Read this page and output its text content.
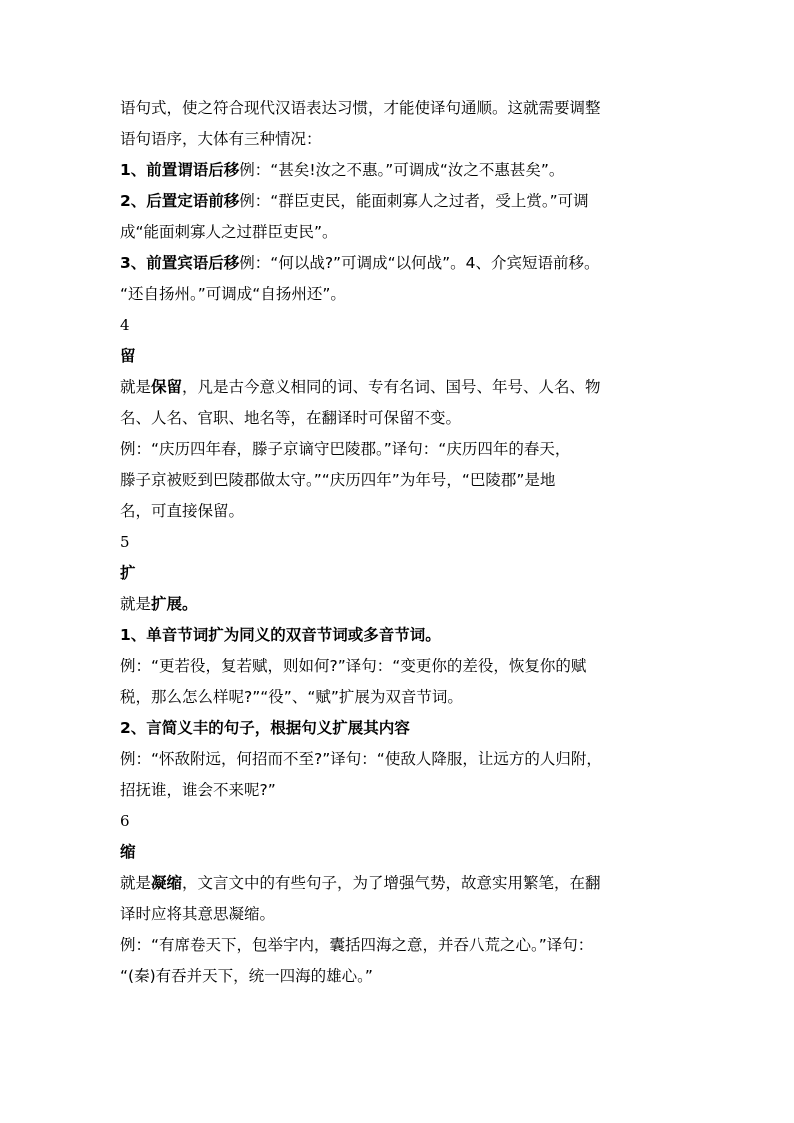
语句式，使之符合现代汉语表达习惯，才能使译句通顺。这就需要调整
语句语序，大体有三种情况：
1、前置谓语后移例：“甚矣!汝之不惠。”可调成“汝之不惠甚矣”。
2、后置定语前移例：“群臣吏民，能面刺寡人之过者，受上赏。”可调
成“能面刺寡人之过群臣吏民”。
3、前置宾语后移例：“何以战?”可调成“以何战”。4、介宾短语前移。
“还自扬州。”可调成“自扬州还”。
4
留
就是保留，凡是古今意义相同的词、专有名词、国号、年号、人名、物
名、人名、官职、地名等，在翻译时可保留不变。
例：“庆历四年春，滕子京谪守巴陵郡。”译句：“庆历四年的春天，
滕子京被贬到巴陵郡做太守。”“庆历四年”为年号，“巴陵郡”是地
名，可直接保留。
5
扩
就是扩展。
1、单音节词扩为同义的双音节词或多音节词。
例：“更若役，复若赋，则如何?”译句：“变更你的差役，恢复你的赋
税，那么怎么样呢?”“役”、“赋”扩展为双音节词。
2、言简义丰的句子，根据句义扩展其内容
例：“怀敌附远，何招而不至?”译句：“使敌人降服，让远方的人归附，
招抚谁，谁会不来呢?”
6
缩
就是凝缩，文言文中的有些句子，为了增强气势，故意实用繁笔，在翻
译时应将其意思凝缩。
例：“有席卷天下，包举宇内，囊括四海之意，并吞八荒之心。”译句：
“(秦)有吞并天下，统一四海的雄心。”
